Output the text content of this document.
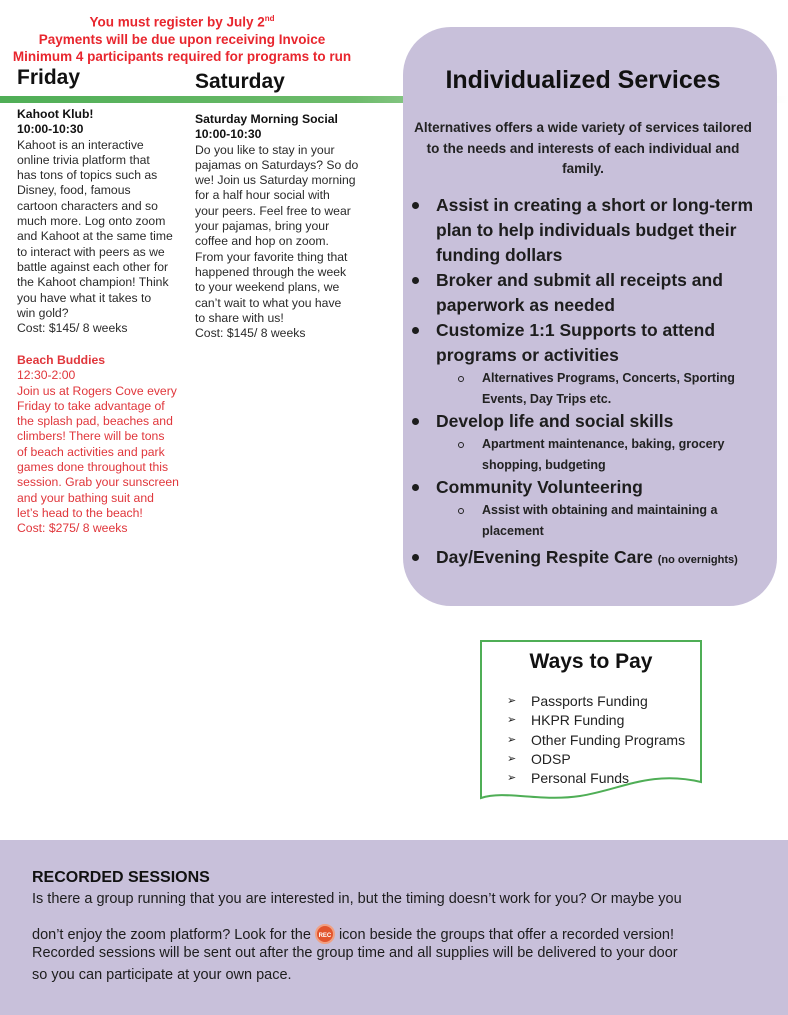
You must register by July 2nd
Payments will be due upon receiving Invoice
Minimum 4 participants required for programs to run
Friday	Saturday
Kahoot Klub!
10:00-10:30
Kahoot is an interactive
online trivia platform that
has tons of topics such as
Disney, food, famous
cartoon characters and so
much more. Log onto zoom
and Kahoot at the same time
to interact with peers as we
battle against each other for
the Kahoot champion! Think
you have what it takes to
win gold?
Cost: $145/ 8 weeks
Beach Buddies
12:30-2:00
Join us at Rogers Cove every
Friday to take advantage of
the splash pad, beaches and
climbers! There will be tons
of beach activities and park
games done throughout this
session. Grab your sunscreen
and your bathing suit and
let’s head to the beach!
Cost: $275/ 8 weeks
Saturday Morning Social
10:00-10:30
Do you like to stay in your
pajamas on Saturdays? So do
we! Join us Saturday morning
for a half hour social with
your peers. Feel free to wear
your pajamas, bring your
coffee and hop on zoom.
From your favorite thing that
happened through the week
to your weekend plans, we
can’t wait to what you have
to share with us!
Cost: $145/ 8 weeks
Individualized Services
Alternatives offers a wide variety of services tailored to the needs and interests of each individual and family.
Assist in creating a short or long-term plan to help individuals budget their funding dollars
Broker and submit all receipts and paperwork as needed
Customize 1:1 Supports to attend programs or activities
Alternatives Programs, Concerts, Sporting Events, Day Trips etc.
Develop life and social skills
Apartment maintenance, baking, grocery shopping, budgeting
Community Volunteering
Assist with obtaining and maintaining a placement
Day/Evening Respite Care (no overnights)
Ways to Pay
➢ Passports Funding
➢ HKPR Funding
➢ Other Funding Programs
➢ ODSP
➢ Personal Funds
RECORDED SESSIONS
Is there a group running that you are interested in, but the timing doesn’t work for you? Or maybe you
don’t enjoy the zoom platform? Look for the REC icon beside the groups that offer a recorded version!
Recorded sessions will be sent out after the group time and all supplies will be delivered to your door
so you can participate at your own pace.
